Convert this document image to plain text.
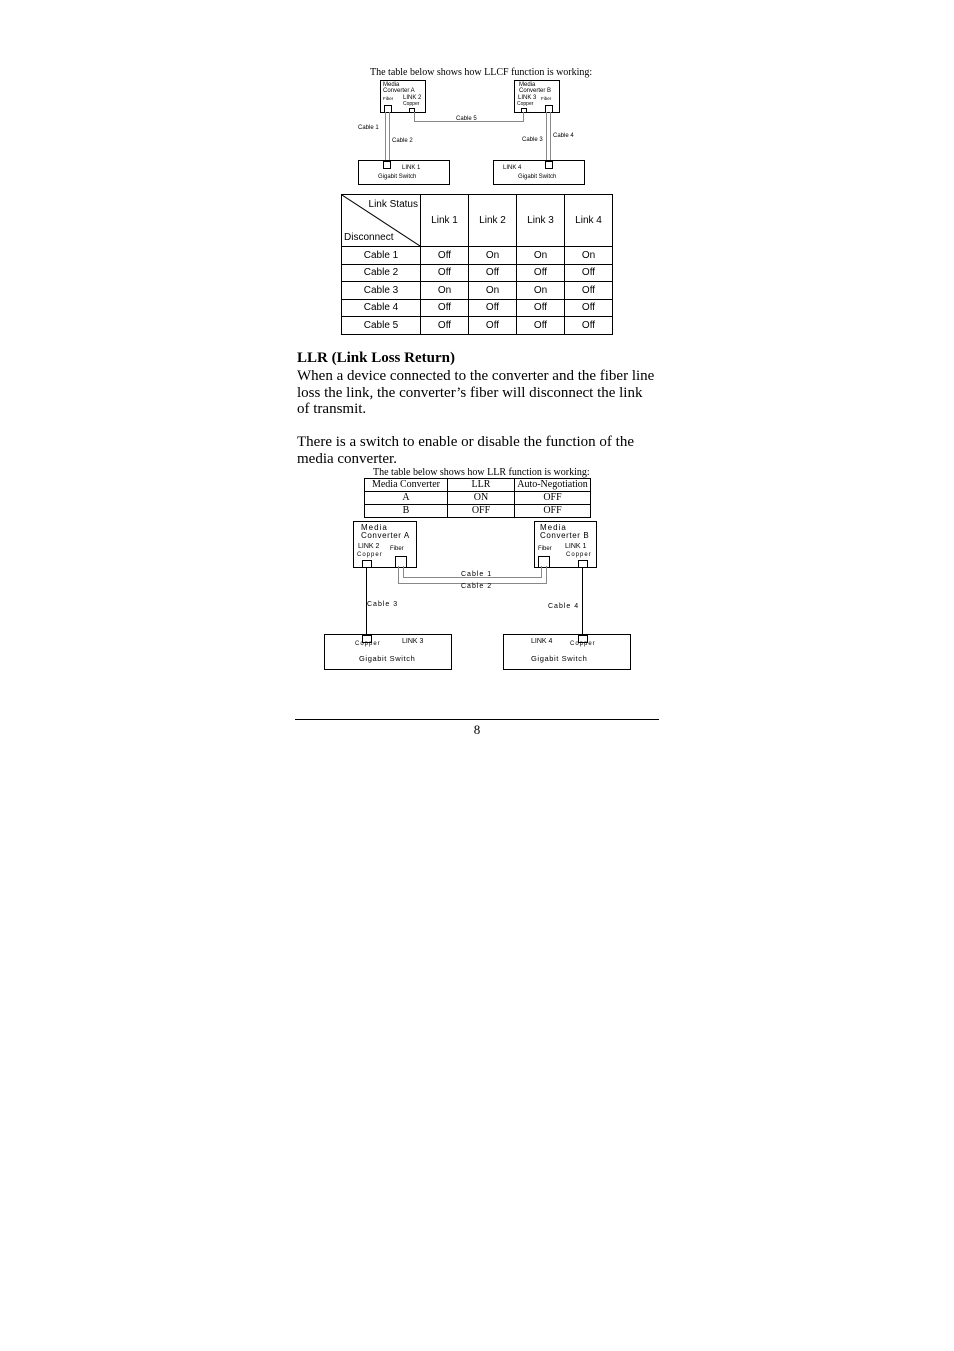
The table below shows how LLCF function is working:
Media
Converter A
LINK 2
Fiber
Copper
Media
Converter B
LINK 3 Fiber
Copper
Cable 5
Cable 1
Cable 2	Cable 3
Cable 4
LINK 1
Gigabit Switch
LINK 4
Gigabit Switch
Link Status
Disconnect	Link 1	Link 2	Link 3	Link 4
Cable 1	Off	On	On	On
Cable 2	Off	Off	Off	Off
Cable 3	On	On	On	Off
Cable 4	Off	Off	Off	Off
Cable 5	Off	Off	Off	Off
LLR (Link Loss Return)
When a device connected to the converter and the fiber line loss the link, the converter’s fiber will disconnect the link of transmit.
There is a switch to enable or disable the function of the media converter.
The table below shows how LLR function is working:
Media Converter	LLR	Auto-Negotiation
A	ON	OFF
B	OFF	OFF
Media
Converter A
LINK 2 Fiber
Copper
Media
Converter B
LINK 1
Fiber
Copper
Cable 1
Cable 2
Cable 3	Cable 4
Copper	LINK 3
Gigabit Switch
LINK 4	Copper
Gigabit Switch
8
